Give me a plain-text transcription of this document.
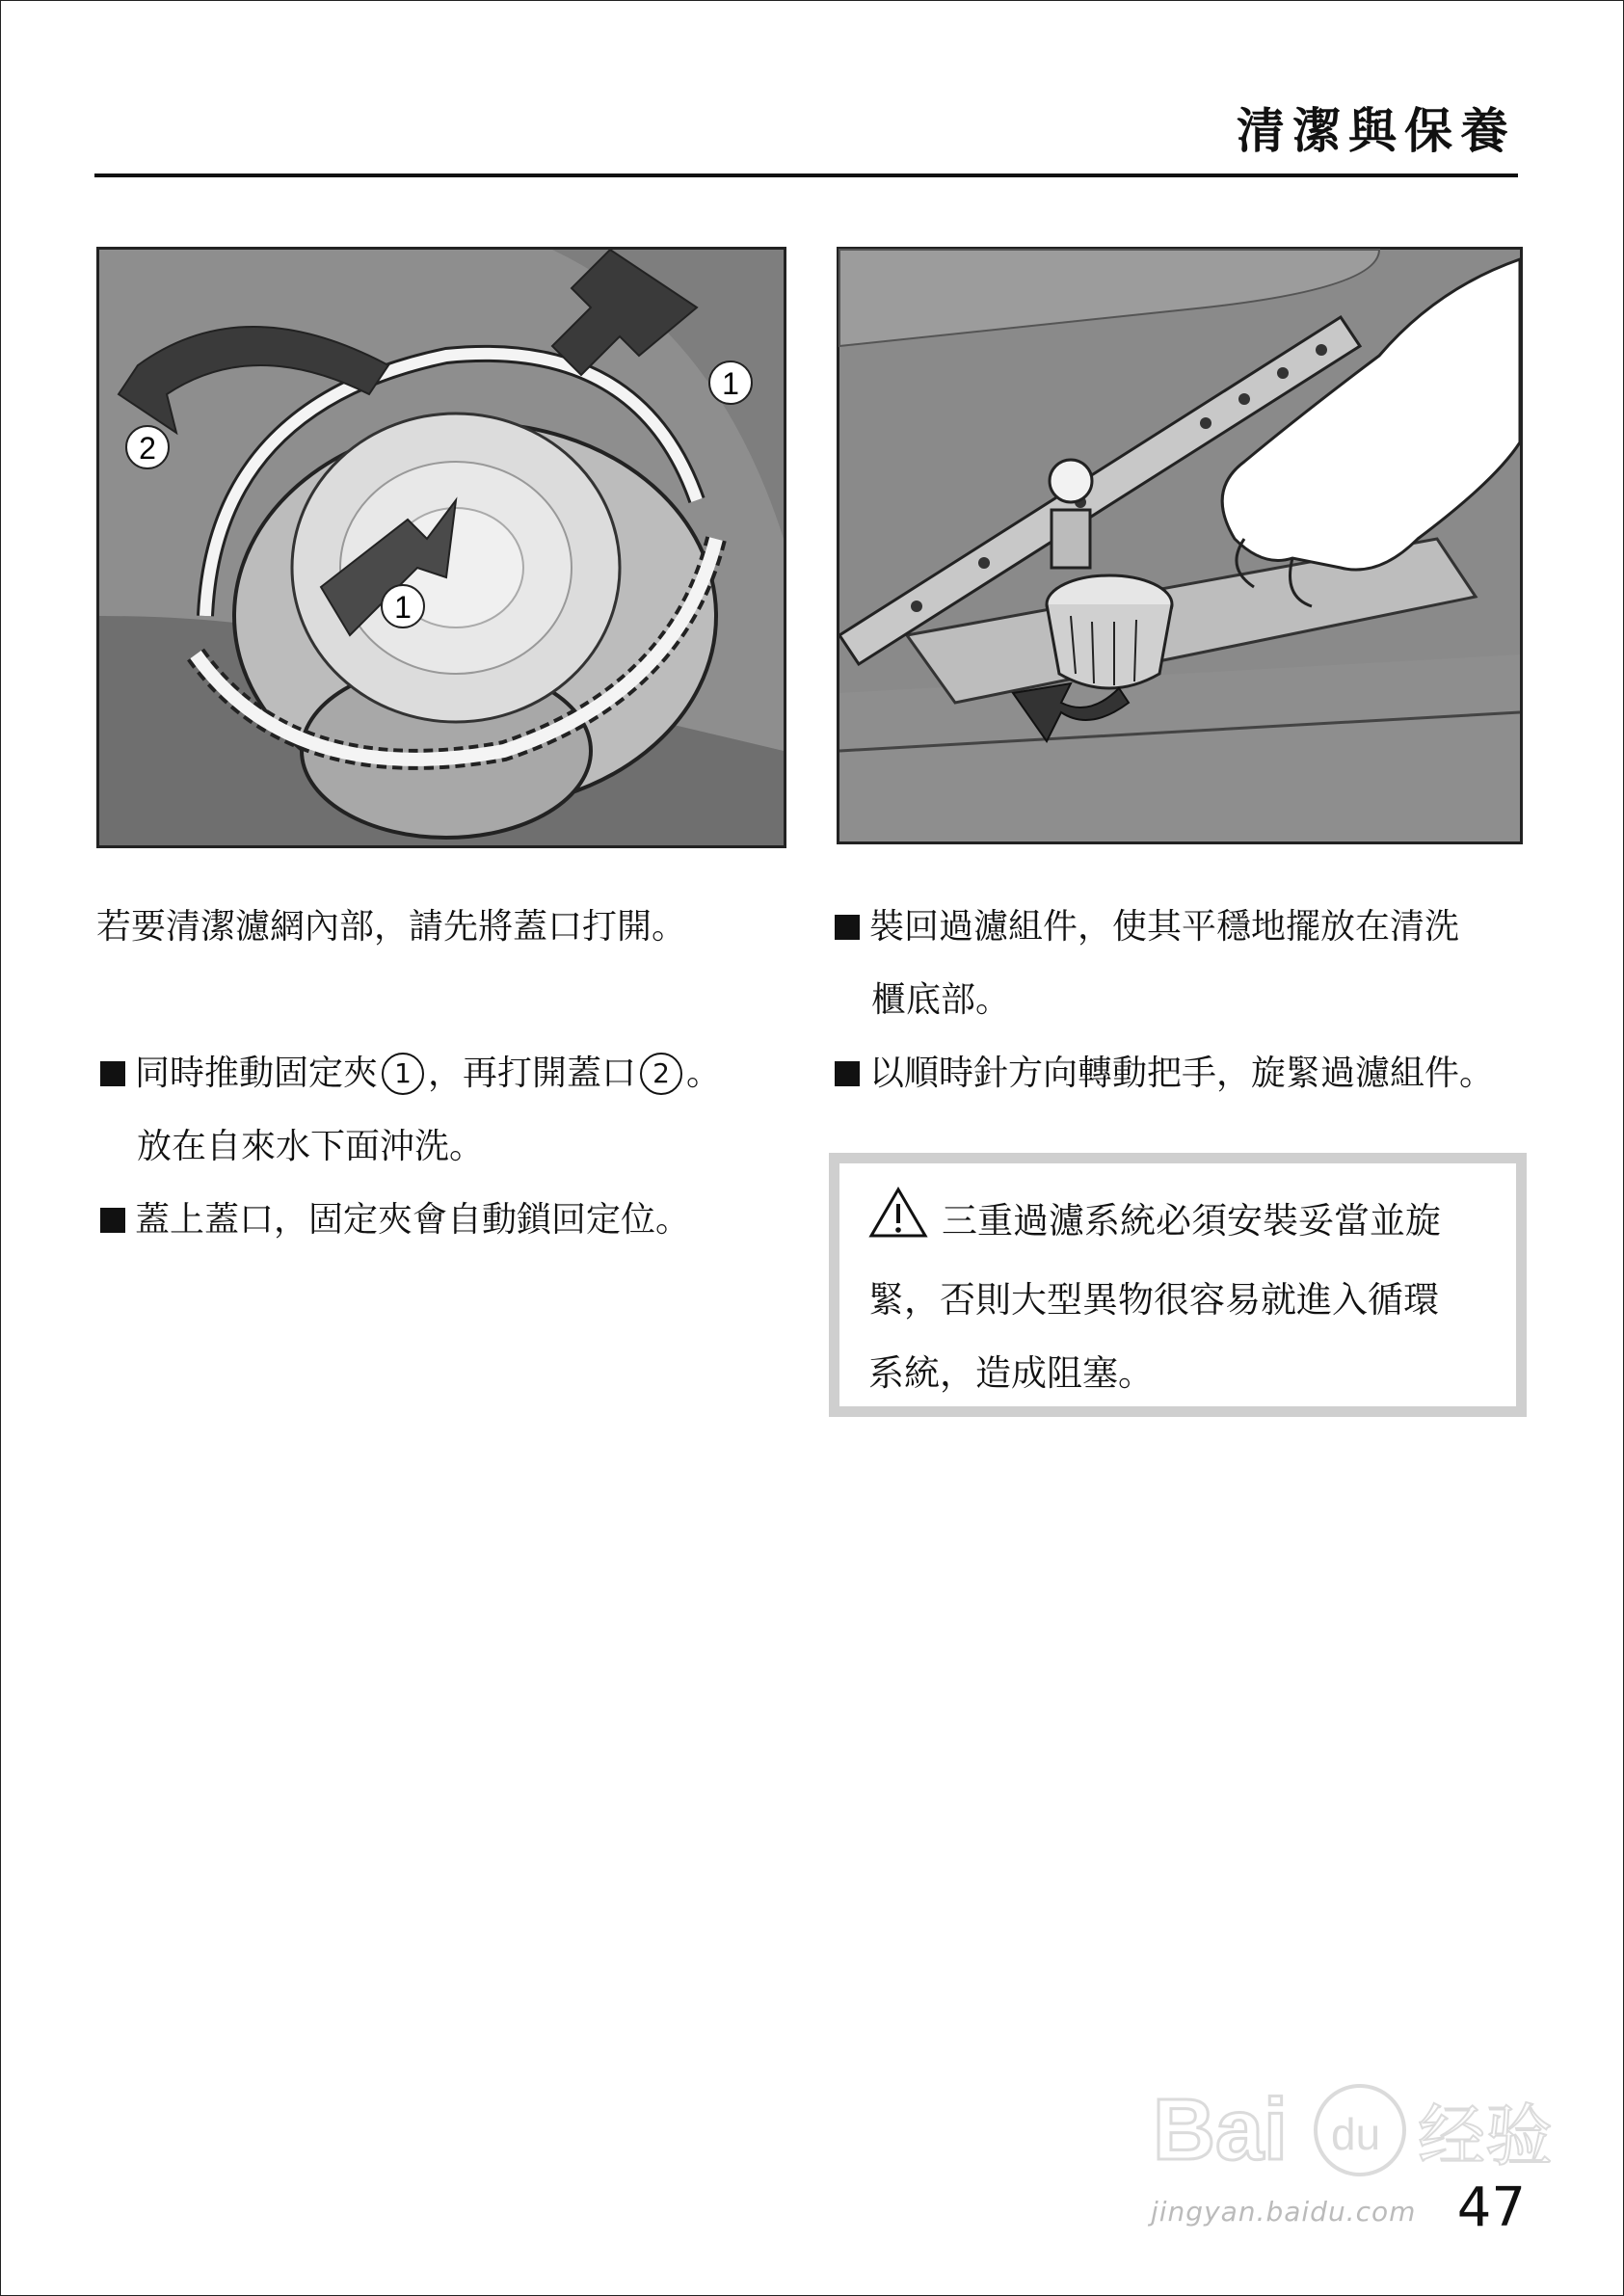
清潔與保養
1
2
1
若要清潔濾網內部，請先將蓋口打開。
同時推動固定夾 1 ，再打開蓋口 2 。
放在自來水下面沖洗。
蓋上蓋口，固定夾會自動鎖回定位。
裝回過濾組件，使其平穩地擺放在清洗
櫃底部。
以順時針方向轉動把手，旋緊過濾組件。
三重過濾系統必須安裝妥當並旋
緊，否則大型異物很容易就進入循環
系統，造成阻塞。
Bai du 经验
jingyan.baidu.com 47
